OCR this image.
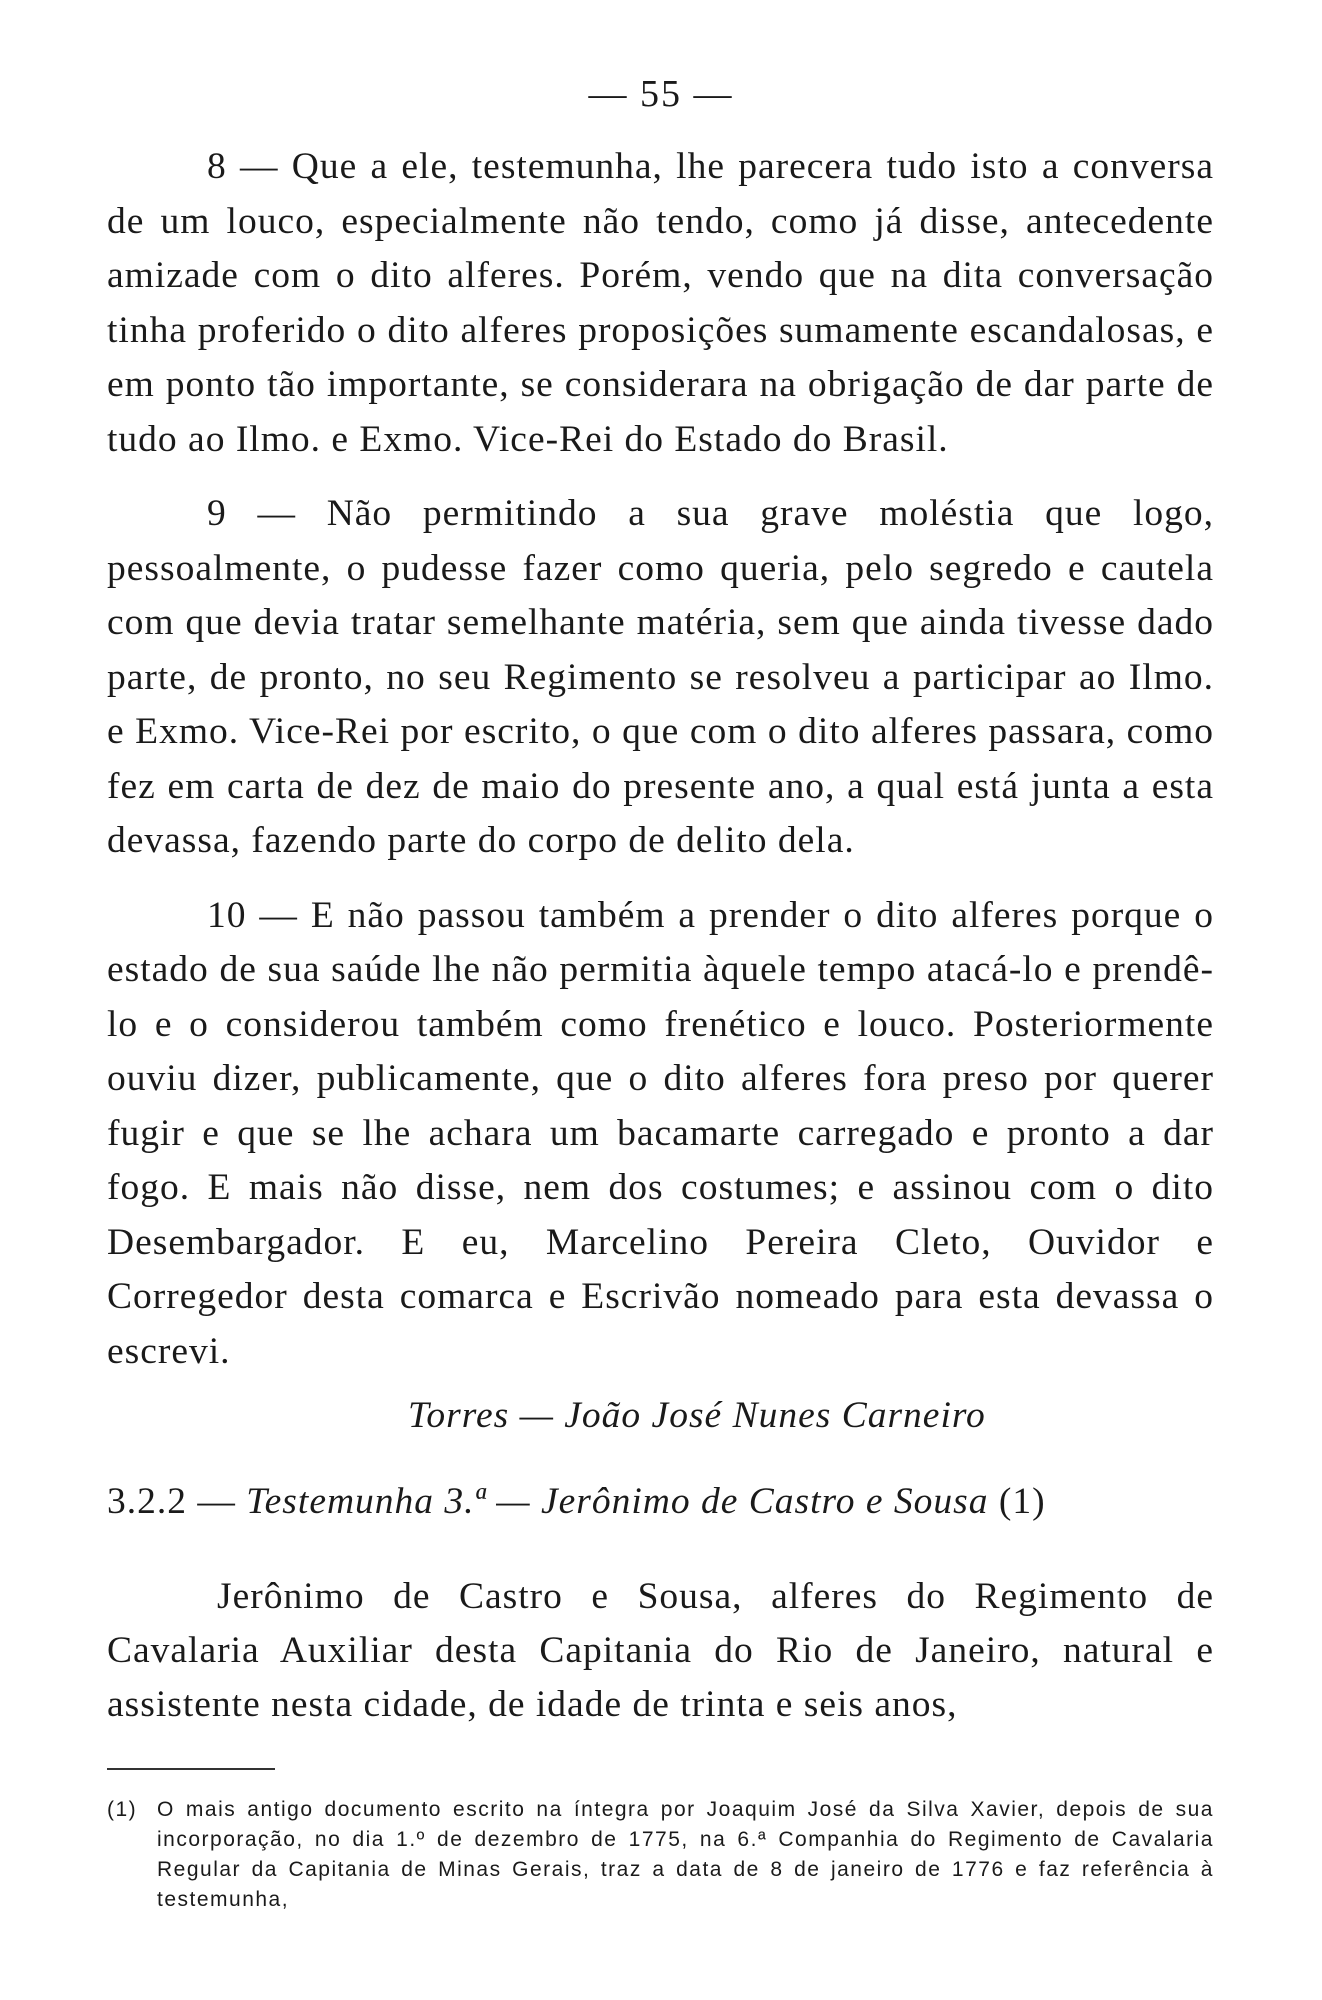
— 55 —

8 — Que a ele, testemunha, lhe parecera tudo isto a conversa de um louco, especialmente não tendo, como já disse, antecedente amizade com o dito alferes. Porém, vendo que na dita conversação tinha proferido o dito alferes proposições sumamente escandalosas, e em ponto tão importante, se considerara na obrigação de dar parte de tudo ao Ilmo. e Exmo. Vice-Rei do Estado do Brasil.

9 — Não permitindo a sua grave moléstia que logo, pessoalmente, o pudesse fazer como queria, pelo segredo e cautela com que devia tratar semelhante matéria, sem que ainda tivesse dado parte, de pronto, no seu Regimento se resolveu a participar ao Ilmo. e Exmo. Vice-Rei por escrito, o que com o dito alferes passara, como fez em carta de dez de maio do presente ano, a qual está junta a esta devassa, fazendo parte do corpo de delito dela.

10 — E não passou também a prender o dito alferes porque o estado de sua saúde lhe não permitia àquele tempo atacá-lo e prendê-lo e o considerou também como frenético e louco. Posteriormente ouviu dizer, publicamente, que o dito alferes fora preso por querer fugir e que se lhe achara um bacamarte carregado e pronto a dar fogo. E mais não disse, nem dos costumes; e assinou com o dito Desembargador. E eu, Marcelino Pereira Cleto, Ouvidor e Corregedor desta comarca e Escrivão nomeado para esta devassa o escrevi.

Torres — João José Nunes Carneiro
3.2.2 — Testemunha 3.ª — Jerônimo de Castro e Sousa (1)

Jerônimo de Castro e Sousa, alferes do Regimento de Cavalaria Auxiliar desta Capitania do Rio de Janeiro, natural e assistente nesta cidade, de idade de trinta e seis anos,

(1) O mais antigo documento escrito na íntegra por Joaquim José da Silva Xavier, depois de sua incorporação, no dia 1.º de dezembro de 1775, na 6.ª Companhia do Regimento de Cavalaria Regular da Capitania de Minas Gerais, traz a data de 8 de janeiro de 1776 e faz referência à testemunha,
